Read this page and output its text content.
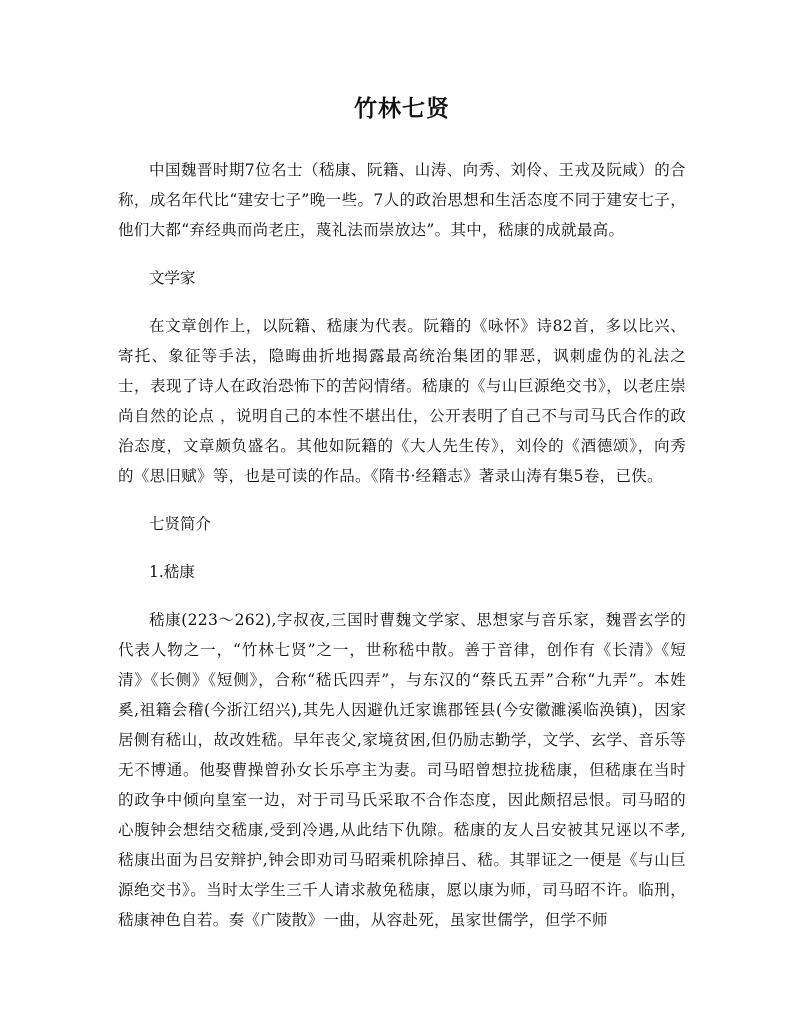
竹林七贤

中国魏晋时期7位名士（嵇康、阮籍、山涛、向秀、刘伶、王戎及阮咸）的合称，成名年代比“建安七子”晚一些。7人的政治思想和生活态度不同于建安七子，他们大都“弃经典而尚老庄，蔑礼法而崇放达”。其中，嵇康的成就最高。

文学家

在文章创作上，以阮籍、嵇康为代表。阮籍的《咏怀》诗82首，多以比兴、寄托、象征等手法，隐晦曲折地揭露最高统治集团的罪恶，讽刺虚伪的礼法之士，表现了诗人在政治恐怖下的苦闷情绪。嵇康的《与山巨源绝交书》，以老庄崇尚自然的论点 ，说明自己的本性不堪出仕，公开表明了自己不与司马氏合作的政治态度，文章颇负盛名。其他如阮籍的《大人先生传》，刘伶的《酒德颂》，向秀的《思旧赋》等，也是可读的作品。《隋书·经籍志》著录山涛有集5卷，已佚。

七贤简介

1.嵇康

嵇康(223～262),字叔夜,三国时曹魏文学家、思想家与音乐家，魏晋玄学的代表人物之一，“竹林七贤”之一，世称嵇中散。善于音律，创作有《长清》《短清》《长侧》《短侧》，合称“嵇氏四弄”，与东汉的“蔡氏五弄”合称“九弄”。本姓奚,祖籍会稽(今浙江绍兴),其先人因避仇迁家谯郡铚县(今安徽濉溪临涣镇)，因家居侧有嵇山，故改姓嵇。早年丧父,家境贫困,但仍励志勤学，文学、玄学、音乐等无不博通。他娶曹操曾孙女长乐亭主为妻。司马昭曾想拉拢嵇康，但嵇康在当时的政争中倾向皇室一边，对于司马氏采取不合作态度，因此颇招忌恨。司马昭的心腹钟会想结交嵇康,受到冷遇,从此结下仇隙。嵇康的友人吕安被其兄诬以不孝,嵇康出面为吕安辩护,钟会即劝司马昭乘机除掉吕、嵇。其罪证之一便是《与山巨源绝交书》。当时太学生三千人请求赦免嵇康，愿以康为师，司马昭不许。临刑，嵇康神色自若。奏《广陵散》一曲，从容赴死，虽家世儒学，但学不师
